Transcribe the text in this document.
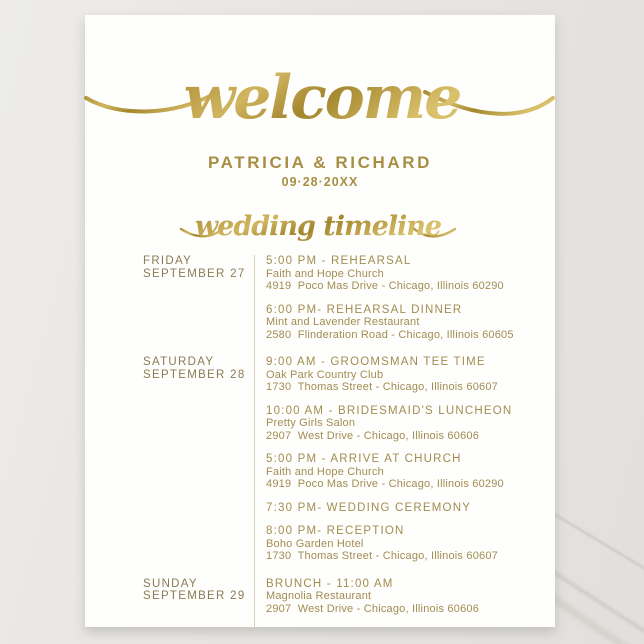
welcome
PATRICIA & RICHARD
09·28·20XX
wedding timeline
FRIDAY
SEPTEMBER 27
5:00 PM - REHEARSAL
Faith and Hope Church
4919  Poco Mas Drive - Chicago, Illinois 60290
6:00 PM- REHEARSAL DINNER
Mint and Lavender Restaurant
2580  Flinderation Road - Chicago, Illinois 60605
SATURDAY
SEPTEMBER 28
9:00 AM - GROOMSMAN TEE TIME
Oak Park Country Club
1730  Thomas Street - Chicago, Illinois 60607
10:00 AM - BRIDESMAID'S LUNCHEON
Pretty Girls Salon
2907  West Drive - Chicago, Illinois 60606
5:00 PM - ARRIVE AT CHURCH
Faith and Hope Church
4919  Poco Mas Drive - Chicago, Illinois 60290
7:30 PM- WEDDING CEREMONY
8:00 PM- RECEPTION
Boho Garden Hotel
1730  Thomas Street - Chicago, Illinois 60607
SUNDAY
SEPTEMBER 29
BRUNCH - 11:00 AM
Magnolia Restaurant
2907  West Drive - Chicago, Illinois 60606
